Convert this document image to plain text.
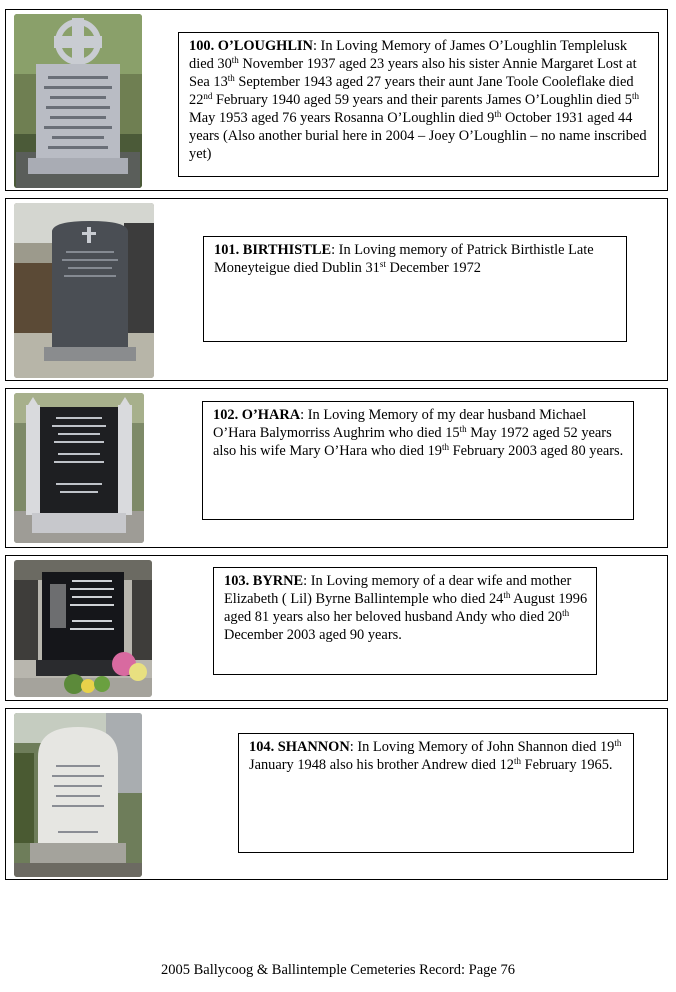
100. O’LOUGHLIN: In Loving Memory of James O’Loughlin Templelusk died 30th November 1937 aged 23 years also his sister Annie Margaret Lost at Sea 13th September 1943 aged 27 years their aunt Jane Toole Cooleflake died 22nd February 1940 aged 59 years and their parents James O’Loughlin died 5th May 1953 aged 76 years Rosanna O’Loughlin died 9th October 1931 aged 44 years (Also another burial here in 2004 – Joey O’Loughlin – no name inscribed yet)
101. BIRTHISTLE: In Loving memory of Patrick Birthistle Late Moneyteigue died Dublin 31st December 1972
102. O’HARA: In Loving Memory of my dear husband Michael O’Hara Balymorriss Aughrim who died 15th May 1972 aged 52 years also his wife Mary O’Hara who died 19th February 2003 aged 80 years.
103. BYRNE: In Loving memory of a dear wife and mother Elizabeth ( Lil) Byrne Ballintemple who died 24th August 1996 aged 81 years also her beloved husband Andy who died 20th December 2003 aged 90 years.
104. SHANNON: In Loving Memory of John Shannon died 19th January 1948 also his brother Andrew died 12th February 1965.
2005 Ballycoog & Ballintemple Cemeteries Record: Page 76
